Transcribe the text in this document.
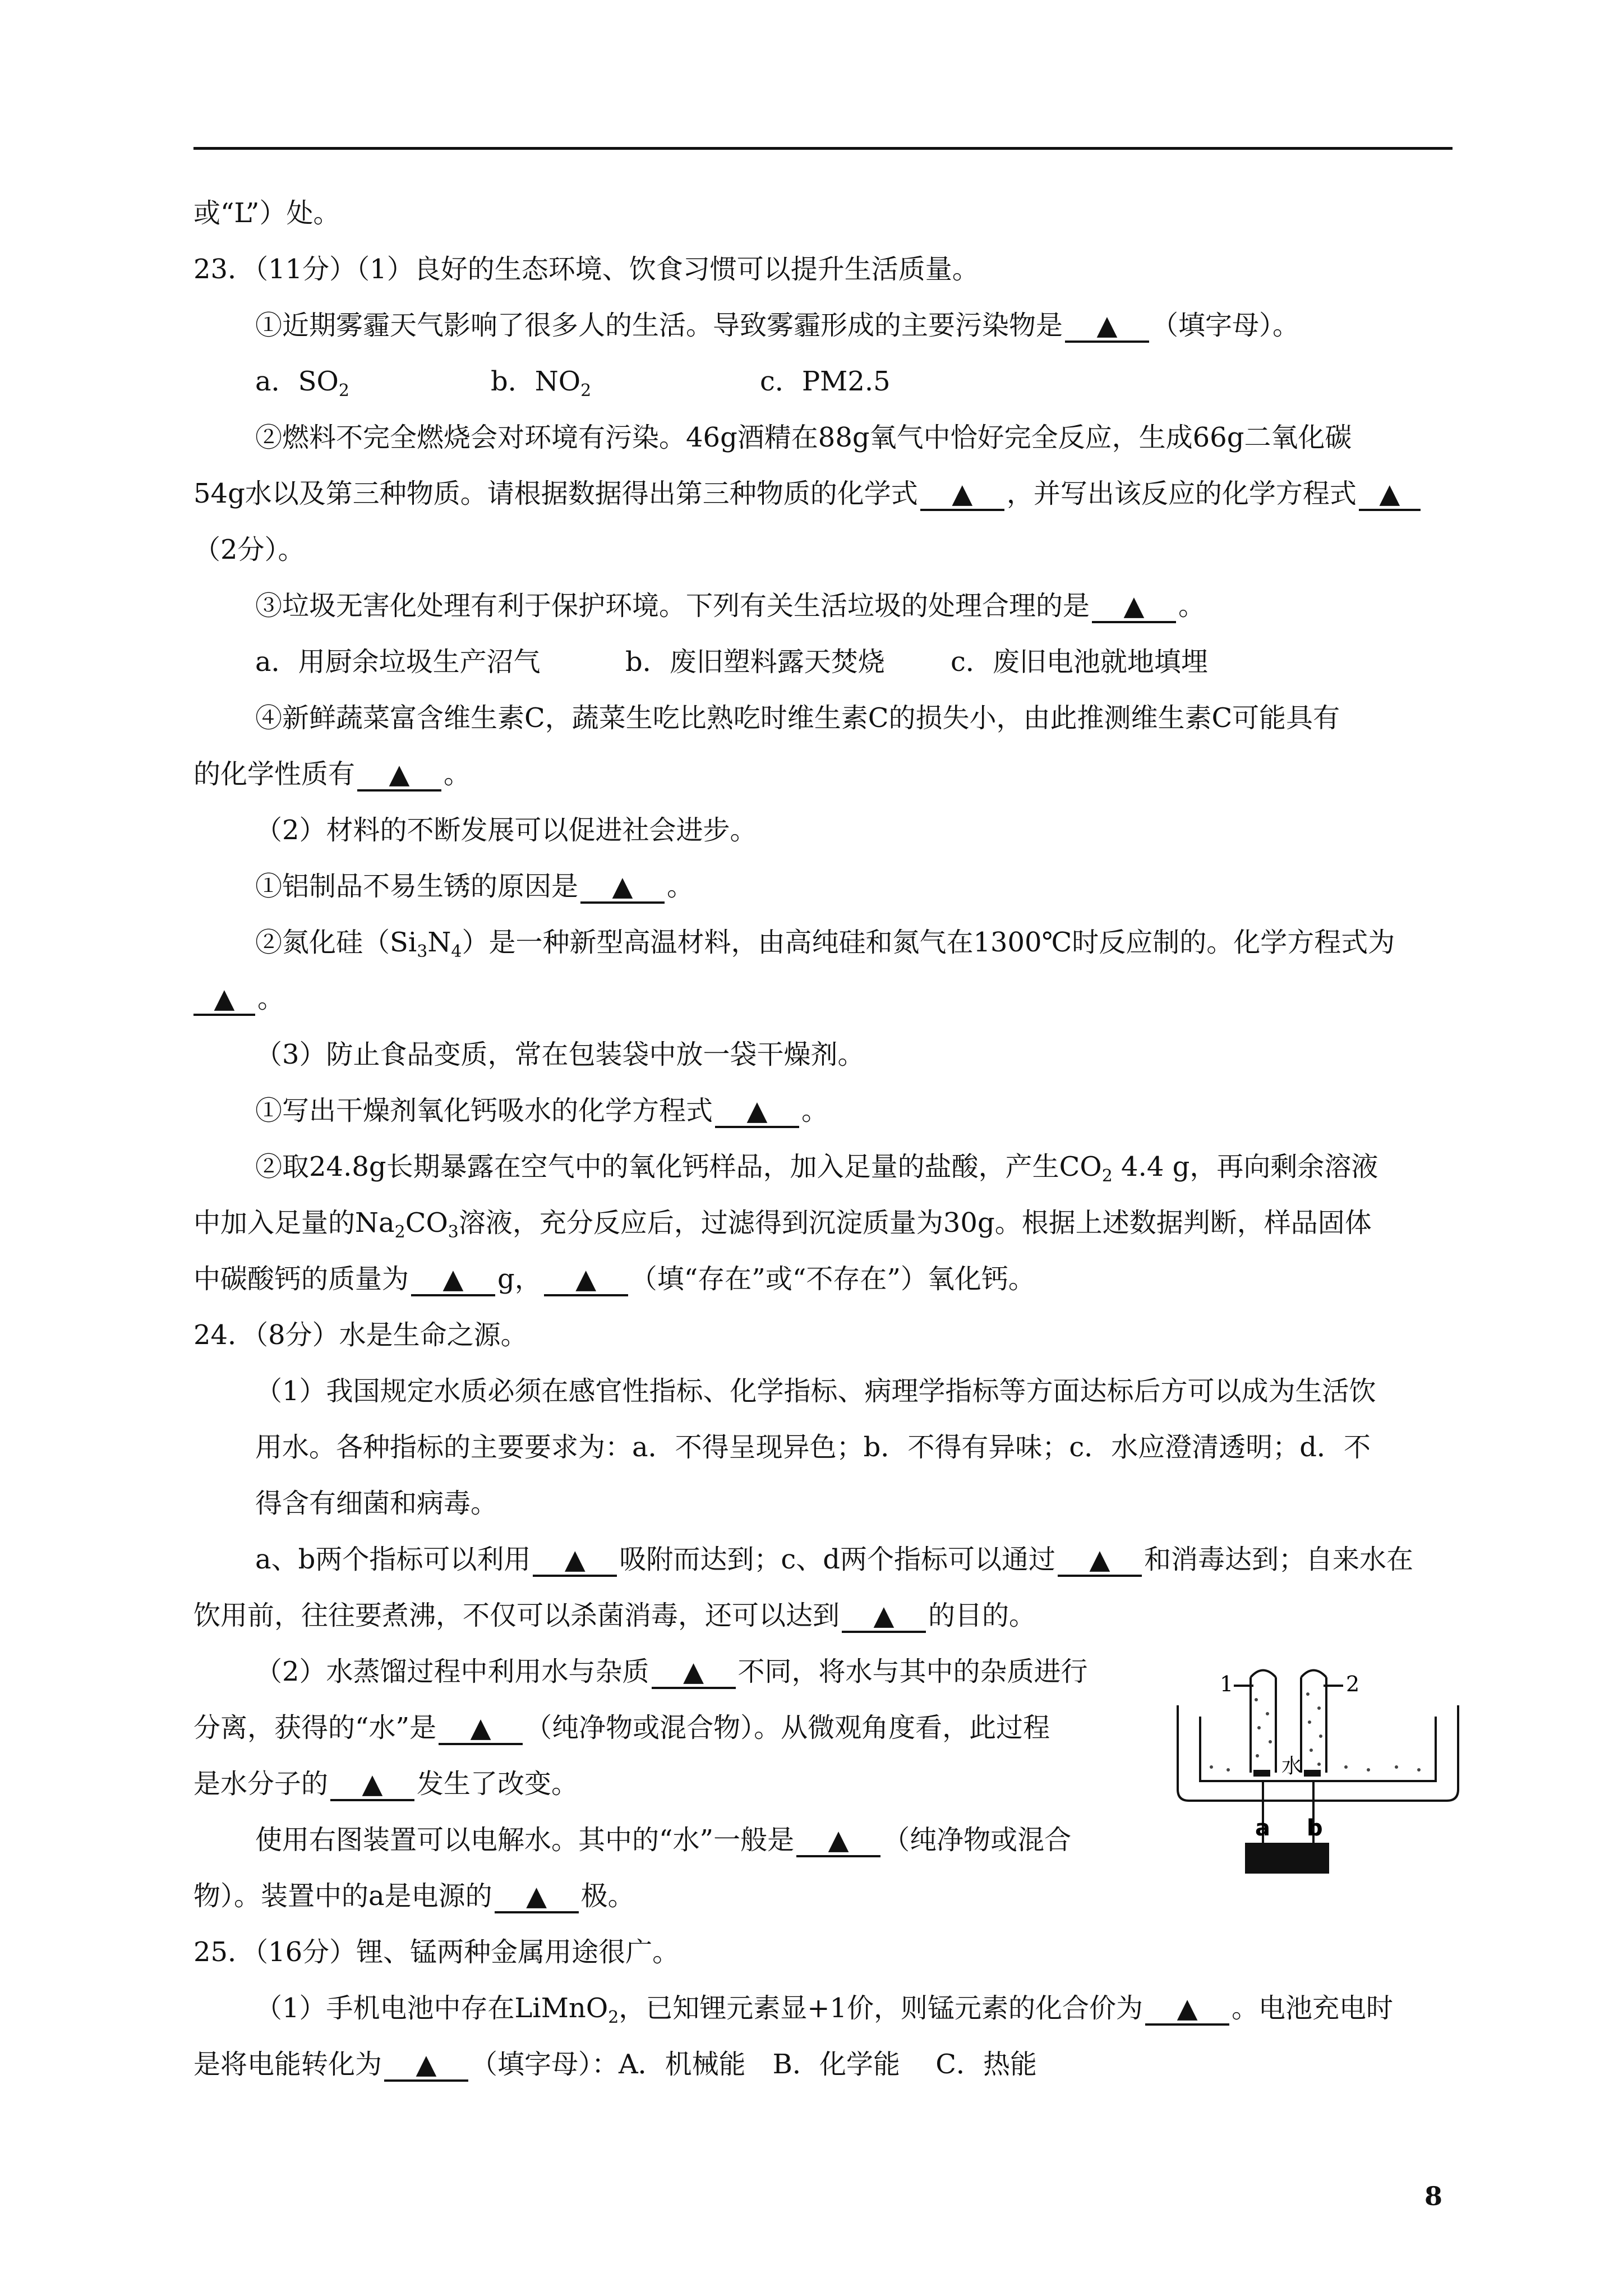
或“L”）处。
23．（11分）（1）良好的生态环境、饮食习惯可以提升生活质量。
①近期雾霾天气影响了很多人的生活。导致雾霾形成的主要污染物是 ▲ （填字母）。
a．$SO_2$	b．$NO_2$	c．PM2.5
②燃料不完全燃烧会对环境有污染。46g酒精在88g氧气中恰好完全反应，生成66g二氧化碳
54g水以及第三种物质。请根据数据得出第三种物质的化学式 ▲ ，并写出该反应的化学方程式 ▲
（2分）。
③垃圾无害化处理有利于保护环境。下列有关生活垃圾的处理合理的是 ▲ 。
a．用厨余垃圾生产沼气	b．废旧塑料露天焚烧 c．废旧电池就地填埋
④新鲜蔬菜富含维生素C，蔬菜生吃比熟吃时维生素C的损失小，由此推测维生素C可能具有
的化学性质有 ▲ 。
（2）材料的不断发展可以促进社会进步。
①铝制品不易生锈的原因是 ▲ 。
②氮化硅$(Si_3N_4)$是一种新型高温材料，由高纯硅和氮气在1300℃时反应制的。化学方程式为
▲ 。
（3）防止食品变质，常在包装袋中放一袋干燥剂。
①写出干燥剂氧化钙吸水的化学方程式 ▲ 。
②取24.8g长期暴露在空气中的氧化钙样品，加入足量的盐酸，产生$CO_2$ 4.4 g，再向剩余溶液
中加入足量的$Na_2CO_3$溶液，充分反应后，过滤得到沉淀质量为30g。根据上述数据判断，样品固体
中碳酸钙的质量为 ▲ g， ▲ （填“存在”或“不存在”）氧化钙。
24．（8分）水是生命之源。
（1）我国规定水质必须在感官性指标、化学指标、病理学指标等方面达标后方可以成为生活饮
用水。各种指标的主要要求为：a．不得呈现异色；b．不得有异味；c．水应澄清透明；d．不
得含有细菌和病毒。
a、b两个指标可以利用 ▲ 吸附而达到；c、d两个指标可以通过 ▲ 和消毒达到；自来水在
饮用前，往往要煮沸，不仅可以杀菌消毒，还可以达到 ▲ 的目的。
（2）水蒸馏过程中利用水与杂质 ▲ 不同，将水与其中的杂质进行
分离，获得的“水”是 ▲ （纯净物或混合物）。从微观角度看，此过程
是水分子的 ▲ 发生了改变。
使用右图装置可以电解水。其中的“水”一般是 ▲ （纯净物或混合
物）。装置中的a是电源的 ▲ 极。
25．（16分）锂、锰两种金属用途很广。
（1）手机电池中存在LiMnO$_2$，已知锂元素显+1价，则锰元素的化合价为 ▲ 。电池充电时
是将电能转化为 ▲ （填字母）：A．机械能　B．化学能　 C．热能
1	2
水
a b
8
